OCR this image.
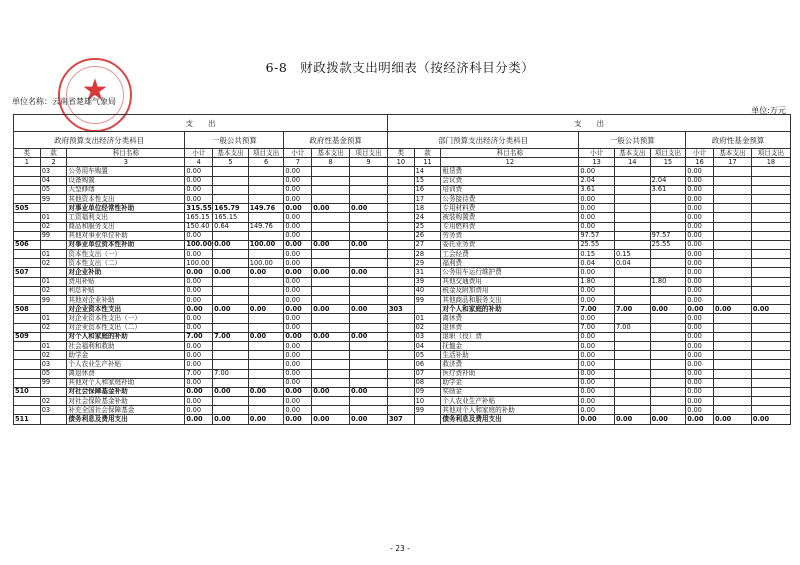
6-8　财政拨款支出明细表（按经济科目分类）
★
单位名称：云南省楚雄气象局
单位:万元
支　　出									支　　出								
政府预算支出经济分类科目			一般公共预算			政府性基金预算			部门预算支出经济分类科目			一般公共预算			政府性基金预算		
类	款	科目名称	小计	基本支出	项目支出	小计	基本支出	项目支出	类	款	科目名称	小计	基本支出	项目支出	小计	基本支出	项目支出
1	2	3	4	5	6	7	8	9	10	11	12	13	14	15	16	17	18
	03	公务用车购置	0.00			0.00				14	租赁费	0.00			0.00		
	04	设备购置	0.00			0.00				15	会议费	2.04		2.04	0.00		
	05	大型修缮	0.00			0.00				16	培训费	3.61		3.61	0.00		
	99	其他资本性支出	0.00			0.00				17	公务接待费	0.00			0.00		
505		对事业单位经常性补助	315.55	165.79	149.76	0.00	0.00	0.00		18	专用材料费	0.00			0.00		
	01	工资福利支出	165.15	165.15		0.00				24	被装购置费	0.00			0.00		
	02	商品和服务支出	150.40	0.64	149.76	0.00				25	专用燃料费	0.00			0.00		
	99	其他对事业单位补助	0.00			0.00				26	劳务费	97.57		97.57	0.00		
506		对事业单位资本性补助	100.00	0.00	100.00	0.00	0.00	0.00		27	委托业务费	25.55		25.55	0.00		
	01	资本性支出（一）	0.00			0.00				28	工会经费	0.15	0.15		0.00		
	02	资本性支出（二）	100.00		100.00	0.00				29	福利费	0.04	0.04		0.00		
507		对企业补助	0.00	0.00	0.00	0.00	0.00	0.00		31	公务用车运行维护费	0.00			0.00		
	01	费用补贴	0.00			0.00				39	其他交通费用	1.80		1.80	0.00		
	02	利息补贴	0.00			0.00				40	税金及附加费用	0.00			0.00		
	99	其他对企业补助	0.00			0.00				99	其他商品和服务支出	0.00			0.00		
508		对企业资本性支出	0.00	0.00	0.00	0.00	0.00	0.00	303		对个人和家庭的补助	7.00	7.00	0.00	0.00	0.00	0.00
	01	对企业资本性支出（一）	0.00			0.00				01	离休费	0.00			0.00		
	02	对企业资本性支出（二）	0.00			0.00				02	退休费	7.00	7.00		0.00		
509		对个人和家庭的补助	7.00	7.00	0.00	0.00	0.00	0.00		03	退职（役）费	0.00			0.00		
	01	社会福利和救助	0.00			0.00				04	抚恤金	0.00			0.00		
	02	助学金	0.00			0.00				05	生活补助	0.00			0.00		
	03	个人农业生产补贴	0.00			0.00				06	救济费	0.00			0.00		
	05	离退休费	7.00	7.00		0.00				07	医疗费补助	0.00			0.00		
	99	其他对个人和家庭补助	0.00			0.00				08	助学金	0.00			0.00		
510		对社会保障基金补助	0.00	0.00	0.00	0.00	0.00	0.00		09	奖励金	0.00			0.00		
	02	对社会保险基金补助	0.00			0.00				10	个人农业生产补贴	0.00			0.00		
	03	补充全国社会保障基金	0.00			0.00				99	其他对个人和家庭的补助	0.00			0.00		
511		债务利息及费用支出	0.00	0.00	0.00	0.00	0.00	0.00	307		债务利息及费用支出	0.00	0.00	0.00	0.00	0.00	0.00
- 23 -
